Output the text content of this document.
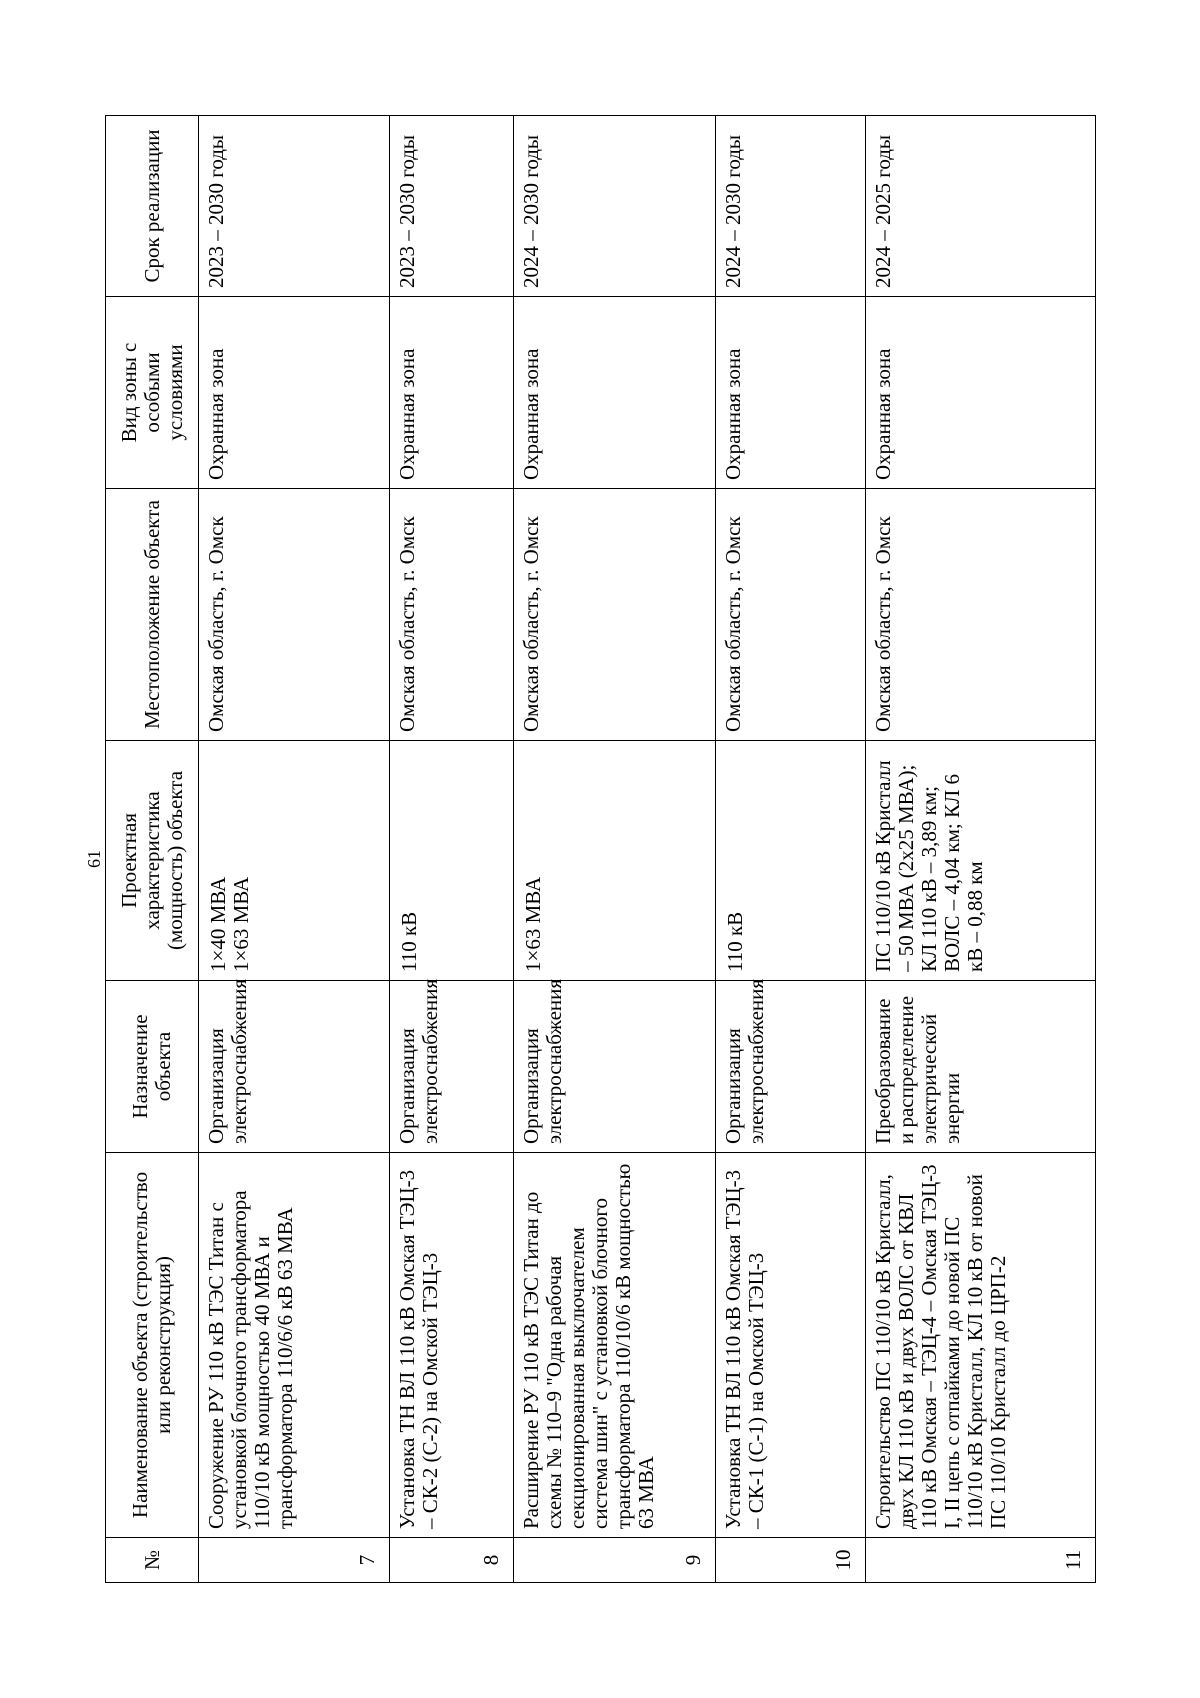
61
№	Наименование объекта (строительство или реконструкция)	Назначение объекта	Проектная характеристика (мощность) объекта	Местоположение объекта	Вид зоны с особыми условиями	Срок реализации
7	Сооружение РУ 110 кВ ТЭС Титан с установкой блочного трансформатора 110/10 кВ мощностью 40 МВА и трансформатора 110/6/6 кВ 63 МВА	Организация электроснабжения	1×40 МВА 1×63 МВА	Омская область, г. Омск	Охранная зона	2023 – 2030 годы
8	Установка ТН ВЛ 110 кВ Омская ТЭЦ-3 – СК-2 (С-2) на Омской ТЭЦ-3	Организация электроснабжения	110 кВ	Омская область, г. Омск	Охранная зона	2023 – 2030 годы
9	Расширение РУ 110 кВ ТЭС Титан до схемы № 110–9 "Одна рабочая секционированная выключателем система шин" с установкой блочного трансформатора 110/10/6 кВ мощностью 63 МВА	Организация электроснабжения	1×63 МВА	Омская область, г. Омск	Охранная зона	2024 – 2030 годы
10	Установка ТН ВЛ 110 кВ Омская ТЭЦ-3 – СК-1 (С-1) на Омской ТЭЦ-3	Организация электроснабжения	110 кВ	Омская область, г. Омск	Охранная зона	2024 – 2030 годы
11	Строительство ПС 110/10 кВ Кристалл, двух КЛ 110 кВ и двух ВОЛС от КВЛ 110 кВ Омская – ТЭЦ-4 – Омская ТЭЦ-3 I, II цепь с отпайками до новой ПС 110/10 кВ Кристалл, КЛ 10 кВ от новой ПС 110/10 Кристалл до ЦРП-2	Преобразование и распределение электрической энергии	ПС 110/10 кВ Кристалл – 50 МВА (2х25 МВА); КЛ 110 кВ – 3,89 км; ВОЛС – 4,04 км; КЛ 6 кВ – 0,88 км	Омская область, г. Омск	Охранная зона	2024 – 2025 годы
